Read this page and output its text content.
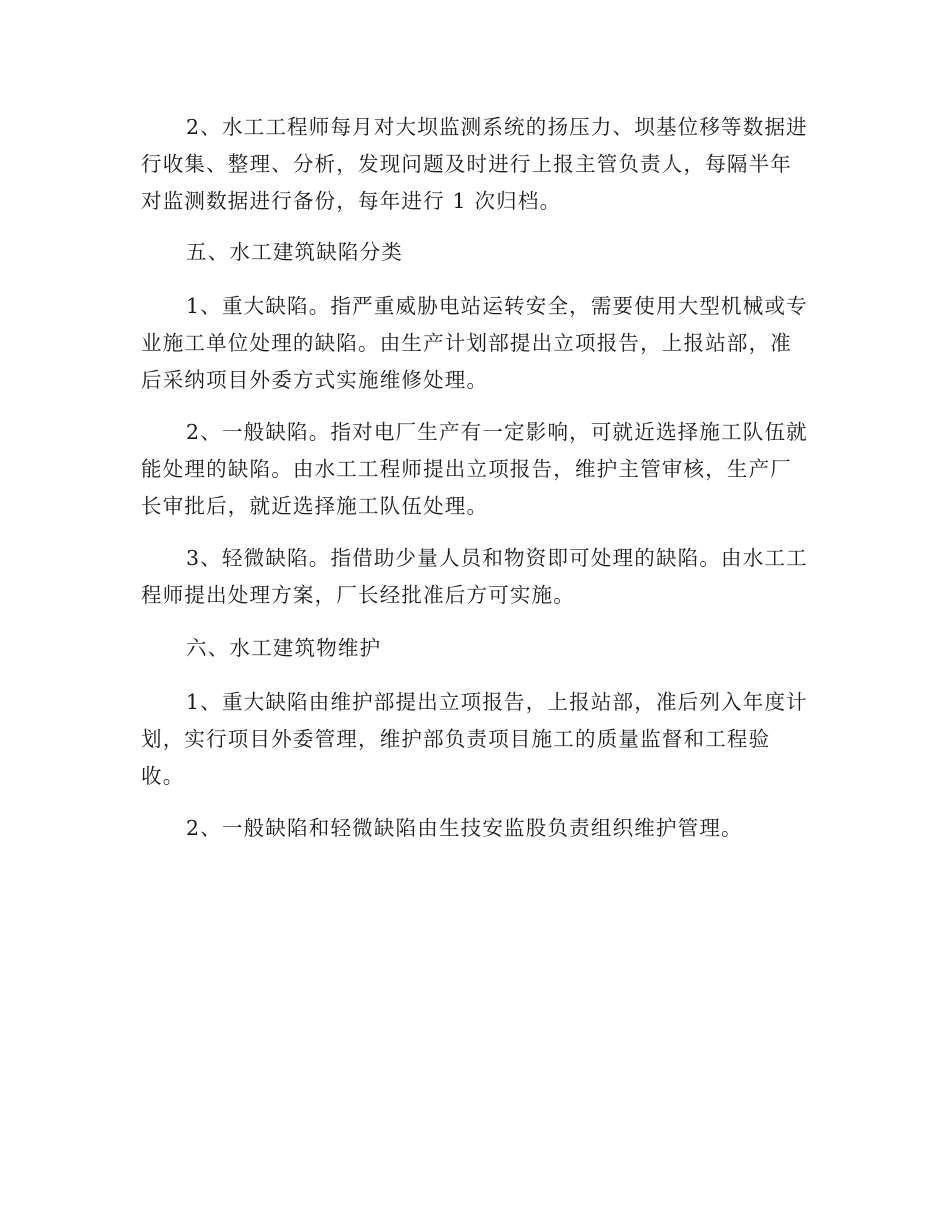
2、水工工程师每月对大坝监测系统的扬压力、坝基位移等数据进
行收集、整理、分析，发现问题及时进行上报主管负责人，每隔半年
对监测数据进行备份，每年进行 1 次归档。
五、水工建筑缺陷分类
1、重大缺陷。指严重威胁电站运转安全，需要使用大型机械或专
业施工单位处理的缺陷。由生产计划部提出立项报告，上报站部，准
后采纳项目外委方式实施维修处理。
2、一般缺陷。指对电厂生产有一定影响，可就近选择施工队伍就
能处理的缺陷。由水工工程师提出立项报告，维护主管审核，生产厂
长审批后，就近选择施工队伍处理。
3、轻微缺陷。指借助少量人员和物资即可处理的缺陷。由水工工
程师提出处理方案，厂长经批准后方可实施。
六、水工建筑物维护
1、重大缺陷由维护部提出立项报告，上报站部，准后列入年度计
划，实行项目外委管理，维护部负责项目施工的质量监督和工程验
收。
2、一般缺陷和轻微缺陷由生技安监股负责组织维护管理。
